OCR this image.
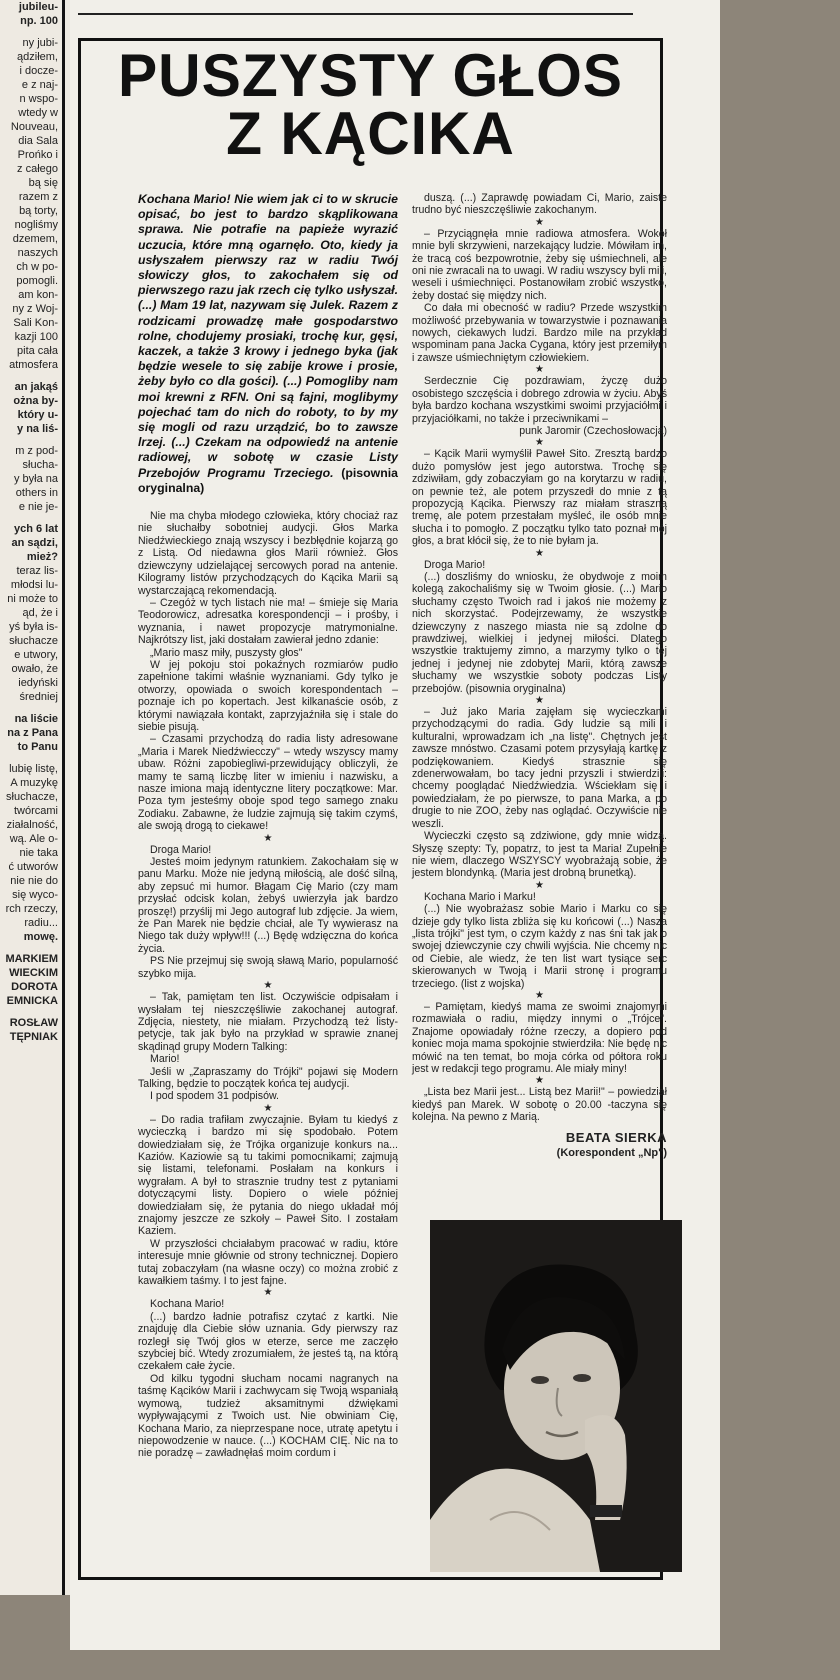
jubileu-
np. 100
ny jubi-
ądziłem,
i docze-
e z naj-
n wspo-
wtedy w
Nouveau,
dia Sala
Prońko i
z całego
bą się
razem z
bą torty,
nogliśmy
dzemem,
naszych
ch w po-
pomogli.
am kon-
ny z Woj-
Sali Kon-
kazji 100
pita cała
atmosfera
an jakąś
ożna by-
który u-
y na liś-
m z pod-
słucha-
y była na
others in
e nie je-
ych 6 lat
an sądzi,
mież?
teraz lis-
młodsi lu-
ni może to
ąd, że i
yś była is-
słuchacze
e utwory,
owało, że
iedyński
średniej
na liście
na z Pana
to Panu
lubię listę,
A muzykę
słuchacze,
twórcami
ziałalność,
wą. Ale o-
nie taka
ć utworów
nie nie do
się wyco-
rch rzeczy,
radiu...
mowę.
MARKIEM
WIECKIM
DOROTA
EMNICKA
ROSŁAW
TĘPNIAK
PUSZYSTY GŁOS
Z KĄCIKA
Kochana Mario! Nie wiem jak ci to w skrucie opisać, bo jest to bardzo skąplikowana sprawa. Nie potrafie na papieże wyrazić uczucia, które mną ogarnęło. Oto, kiedy ja usłyszałem pierwszy raz w radiu Twój słowiczy głos, to zakochałem się od pierwszego razu jak rzech cię tylko usłyszał. (...) Mam 19 lat, nazywam się Julek. Razem z rodzicami prowadzę małe gospodarstwo rolne, chodujemy prosiaki, trochę kur, gęsi, kaczek, a także 3 krowy i jednego byka (jak będzie wesele to się zabije krowe i prosie, żeby było co dla gości). (...) Pomogliby nam moi krewni z RFN. Oni są fajni, moglibymy pojechać tam do nich do roboty, to by my się mogli od razu urządzić, bo to zawsze lrzej. (...) Czekam na odpowiedź na antenie radiowej, w sobotę w czasie Listy Przebojów Programu Trzeciego. (pisownia oryginalna)

Nie ma chyba młodego człowieka, który chociaż raz nie słuchałby sobotniej audycji. Głos Marka Niedźwieckiego znają wszyscy i bezbłędnie kojarzą go z Listą. Od niedawna głos Marii również. Głos dziewczyny udzielającej sercowych porad na antenie. Kilogramy listów przychodzących do Kącika Marii są wystarczającą rekomendacją.

– Czegóż w tych listach nie ma! – śmieje się Maria Teodorowicz, adresatka korespondencji – i prośby, i wyznania, i nawet propozycje matrymonialne. Najkrótszy list, jaki dostałam zawierał jedno zdanie:

„Mario masz miły, puszysty głos"

W jej pokoju stoi pokaźnych rozmiarów pudło zapełnione takimi właśnie wyznaniami. Gdy tylko je otworzy, opowiada o swoich korespondentach – poznaje ich po kopertach. Jest kilkanaście osób, z którymi nawiązała kontakt, zaprzyjaźniła się i stale do siebie pisują.

– Czasami przychodzą do radia listy adresowane „Maria i Marek Niedźwiecczy" – wtedy wszyscy mamy ubaw. Różni zapobiegliwi-przewidujący obliczyli, że mamy te samą liczbę liter w imieniu i nazwisku, a nasze imiona mają identyczne litery początkowe: Mar. Poza tym jesteśmy oboje spod tego samego znaku Zodiaku. Zabawne, że ludzie zajmują się takim czymś, ale swoją drogą to ciekawe!

★

Droga Mario!

Jesteś moim jedynym ratunkiem. Zakochałam się w panu Marku. Może nie jedyną miłością, ale dość silną, aby zepsuć mi humor. Błagam Cię Mario (czy mam przysłać odcisk kolan, żebyś uwierzyła jak bardzo proszę!) przyślij mi Jego autograf lub zdjęcie. Ja wiem, że Pan Marek nie będzie chciał, ale Ty wywierasz na Niego tak duży wpływ!!! (...) Będę wdzięczna do końca życia.

PS Nie przejmuj się swoją sławą Mario, popularność szybko mija.

★

– Tak, pamiętam ten list. Oczywiście odpisałam i wysłałam tej nieszczęśliwie zakochanej autograf. Zdjęcia, niestety, nie miałam. Przychodzą też listy-petycje, tak jak było na przykład w sprawie znanej skądinąd grupy Modern Talking:

Mario!

Jeśli w „Zapraszamy do Trójki" pojawi się Modern Talking, będzie to początek końca tej audycji.

I pod spodem 31 podpisów.

★

– Do radia trafiłam zwyczajnie. Byłam tu kiedyś z wycieczką i bardzo mi się spodobało. Potem dowiedziałam się, że Trójka organizuje konkurs na... Kaziów. Kaziowie są tu takimi pomocnikami; zajmują się listami, telefonami. Posłałam na konkurs i wygrałam. A był to strasznie trudny test z pytaniami dotyczącymi listy. Dopiero o wiele później dowiedziałam się, że pytania do niego układał mój znajomy jeszcze ze szkoły – Paweł Sito. I zostałam Kaziem.

W przyszłości chciałabym pracować w radiu, które interesuje mnie głównie od strony technicznej. Dopiero tutaj zobaczyłam (na własne oczy) co można zrobić z kawałkiem taśmy. I to jest fajne.

★

Kochana Mario!

(...) bardzo ładnie potrafisz czytać z kartki. Nie znajduję dla Ciebie słów uznania. Gdy pierwszy raz rozległ się Twój głos w eterze, serce me zaczęło szybciej bić. Wtedy zrozumiałem, że jesteś tą, na którą czekałem całe życie.

Od kilku tygodni słucham nocami nagranych na taśmę Kącików Marii i zachwycam się Twoją wspaniałą wymową, tudzież aksamitnymi dźwiękami wypływającymi z Twoich ust. Nie obwiniam Cię, Kochana Mario, za nieprzespane noce, utratę apetytu i niepowodzenie w nauce. (...) KOCHAM CIĘ. Nic na to nie poradzę – zawładnęłaś moim cordum i

duszą. (...) Zaprawdę powiadam Ci, Mario, zaiste trudno być nieszczęśliwie zakochanym.

★

– Przyciągnęła mnie radiowa atmosfera. Wokół mnie byli skrzywieni, narzekający ludzie. Mówiłam im, że tracą coś bezpowrotnie, żeby się uśmiechneli, ale oni nie zwracali na to uwagi. W radiu wszyscy byli mili, weseli i uśmiechnięci. Postanowiłam zrobić wszystko, żeby dostać się między nich.

Co dała mi obecność w radiu? Przede wszystkim możliwość przebywania w towarzystwie i poznawania nowych, ciekawych ludzi. Bardzo mile na przykład wspominam pana Jacka Cygana, który jest przemiłym i zawsze uśmiechniętym człowiekiem.

★

Serdecznie Cię pozdrawiam, życzę dużo osobistego szczęścia i dobrego zdrowia w życiu. Abyś była bardzo kochana wszystkimi swoimi przyjaciółmi i przyjaciółkami, no także i przeciwnikami –

punk Jaromir (Czechosłowacja)

★

– Kącik Marii wymyślił Paweł Sito. Zresztą bardzo dużo pomysłów jest jego autorstwa. Trochę się zdziwiłam, gdy zobaczyłam go na korytarzu w radiu, on pewnie też, ale potem przyszedł do mnie z tą propozycją Kącika. Pierwszy raz miałam straszną tremę, ale potem przestałam myśleć, ile osób mnie słucha i to pomogło. Z początku tylko tato poznał mój głos, a brat kłócił się, że to nie byłam ja.

★

Droga Mario!

(...) doszliśmy do wniosku, że obydwoje z moim kolegą zakochaliśmy się w Twoim głosie. (...) Mario słuchamy często Twoich rad i jakoś nie możemy z nich skorzystać. Podejrzewamy, że wszystkie dziewczyny z naszego miasta nie są zdolne do prawdziwej, wielkiej i jedynej miłości. Dlatego wszystkie traktujemy zimno, a marzymy tylko o tej jednej i jedynej nie zdobytej Marii, którą zawsze słuchamy we wszystkie soboty podczas Listy przebojów. (pisownia oryginalna)

★

– Już jako Maria zajęłam się wycieczkami przychodzącymi do radia. Gdy ludzie są mili i kulturalni, wprowadzam ich „na listę". Chętnych jest zawsze mnóstwo. Czasami potem przysyłają kartkę z podziękowaniem. Kiedyś strasznie się zdenerwowałam, bo tacy jedni przyszli i stwierdzili: chcemy pooglądać Niedźwiedzia. Wściekłam się i powiedziałam, że po pierwsze, to pana Marka, a po drugie to nie ZOO, żeby nas oglądać. Oczywiście nie weszli.

Wycieczki często są zdziwione, gdy mnie widzą. Słyszę szepty: Ty, popatrz, to jest ta Maria! Zupełnie nie wiem, dlaczego WSZYSCY wyobrażają sobie, że jestem blondynką. (Maria jest drobną brunetką).

★

Kochana Mario i Marku!

(...) Nie wyobrażasz sobie Mario i Marku co się dzieje gdy tylko lista zbliża się ku końcowi (...) Nasza „lista trójki" jest tym, o czym każdy z nas śni tak jak o swojej dziewczynie czy chwili wyjścia. Nie chcemy nic od Ciebie, ale wiedz, że ten list wart tysiące serc skierowanych w Twoją i Marii stronę i programu trzeciego. (list z wojska)

★

– Pamiętam, kiedyś mama ze swoimi znajomymi rozmawiała o radiu, między innymi o „Trójce". Znajome opowiadały różne rzeczy, a dopiero pod koniec moja mama spokojnie stwierdziła: Nie będę nic mówić na ten temat, bo moja córka od półtora roku jest w redakcji tego programu. Ale miały miny!

★

„Lista bez Marii jest... Listą bez Marii!" – powiedział kiedyś pan Marek. W sobotę o 20.00 -taczyna się kolejna. Na pewno z Marią.

BEATA SIERKA
(Korespondent „Np")
